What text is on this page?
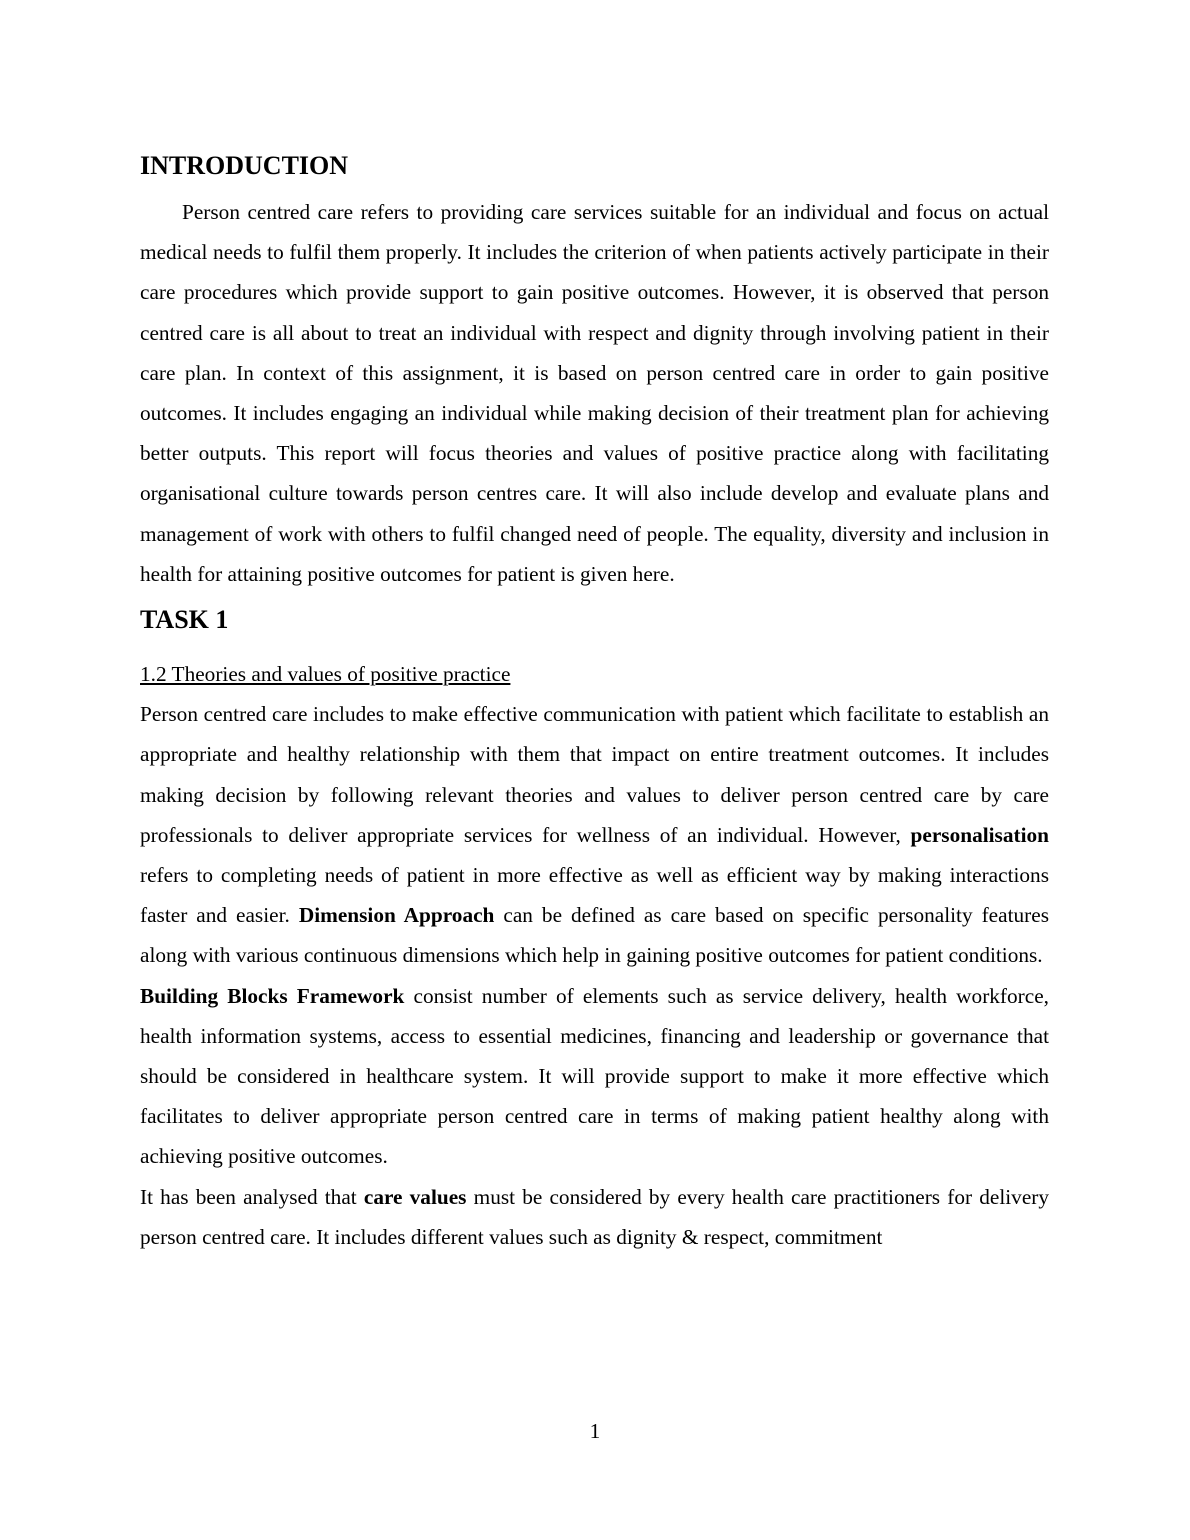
INTRODUCTION

Person centred care refers to providing care services suitable for an individual and focus on actual medical needs to fulfil them properly. It includes the criterion of when patients actively participate in their care procedures which provide support to gain positive outcomes. However, it is observed that person centred care is all about to treat an individual with respect and dignity through involving patient in their care plan. In context of this assignment, it is based on person centred care in order to gain positive outcomes. It includes engaging an individual while making decision of their treatment plan for achieving better outputs. This report will focus theories and values of positive practice along with facilitating organisational culture towards person centres care. It will also include develop and evaluate plans and management of work with others to fulfil changed need of people. The equality, diversity and inclusion in health for attaining positive outcomes for patient is given here.

TASK 1
1.2 Theories and values of positive practice

Person centred care includes to make effective communication with patient which facilitate to establish an appropriate and healthy relationship with them that impact on entire treatment outcomes. It includes making decision by following relevant theories and values to deliver person centred care by care professionals to deliver appropriate services for wellness of an individual. However, personalisation refers to completing needs of patient in more effective as well as efficient way by making interactions faster and easier. Dimension Approach can be defined as care based on specific personality features along with various continuous dimensions which help in gaining positive outcomes for patient conditions.

Building Blocks Framework consist number of elements such as service delivery, health workforce, health information systems, access to essential medicines, financing and leadership or governance that should be considered in healthcare system. It will provide support to make it more effective which facilitates to deliver appropriate person centred care in terms of making patient healthy along with achieving positive outcomes.

It has been analysed that care values must be considered by every health care practitioners for delivery person centred care. It includes different values such as dignity & respect, commitment

1
